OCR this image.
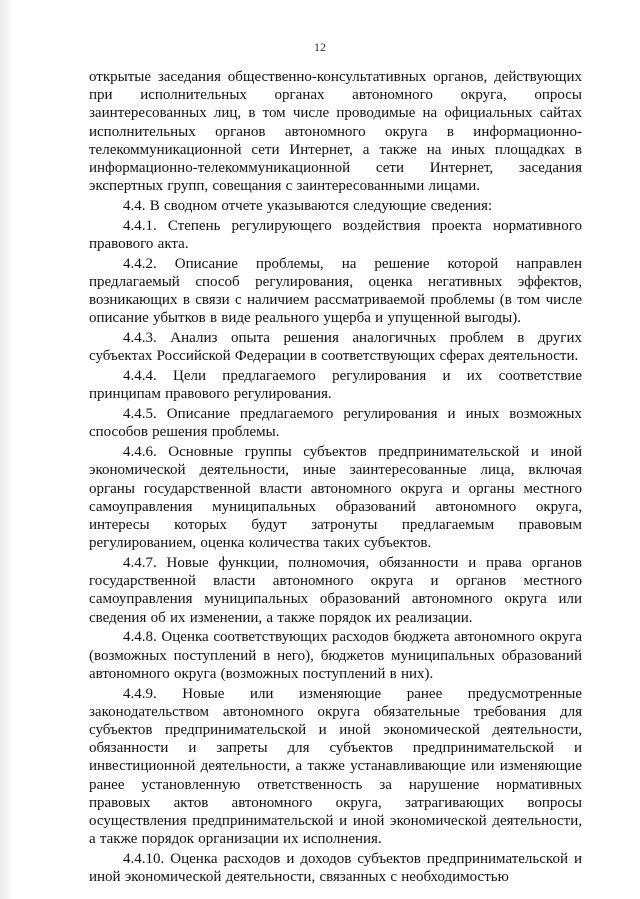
12

открытые заседания общественно-консультативных органов, действующих при исполнительных органах автономного округа, опросы заинтересованных лиц, в том числе проводимые на официальных сайтах исполнительных органов автономного округа в информационно-телекоммуникационной сети Интернет, а также на иных площадках в информационно-телекоммуникационной сети Интернет, заседания экспертных групп, совещания с заинтересованными лицами.

4.4. В сводном отчете указываются следующие сведения:

4.4.1. Степень регулирующего воздействия проекта нормативного правового акта.

4.4.2. Описание проблемы, на решение которой направлен предлагаемый способ регулирования, оценка негативных эффектов, возникающих в связи с наличием рассматриваемой проблемы (в том числе описание убытков в виде реального ущерба и упущенной выгоды).

4.4.3. Анализ опыта решения аналогичных проблем в других субъектах Российской Федерации в соответствующих сферах деятельности.

4.4.4. Цели предлагаемого регулирования и их соответствие принципам правового регулирования.

4.4.5. Описание предлагаемого регулирования и иных возможных способов решения проблемы.

4.4.6. Основные группы субъектов предпринимательской и иной экономической деятельности, иные заинтересованные лица, включая органы государственной власти автономного округа и органы местного самоуправления муниципальных образований автономного округа, интересы которых будут затронуты предлагаемым правовым регулированием, оценка количества таких субъектов.

4.4.7. Новые функции, полномочия, обязанности и права органов государственной власти автономного округа и органов местного самоуправления муниципальных образований автономного округа или сведения об их изменении, а также порядок их реализации.

4.4.8. Оценка соответствующих расходов бюджета автономного округа (возможных поступлений в него), бюджетов муниципальных образований автономного округа (возможных поступлений в них).

4.4.9. Новые или изменяющие ранее предусмотренные законодательством автономного округа обязательные требования для субъектов предпринимательской и иной экономической деятельности, обязанности и запреты для субъектов предпринимательской и инвестиционной деятельности, а также устанавливающие или изменяющие ранее установленную ответственность за нарушение нормативных правовых актов автономного округа, затрагивающих вопросы осуществления предпринимательской и иной экономической деятельности, а также порядок организации их исполнения.

4.4.10. Оценка расходов и доходов субъектов предпринимательской и иной экономической деятельности, связанных с необходимостью
